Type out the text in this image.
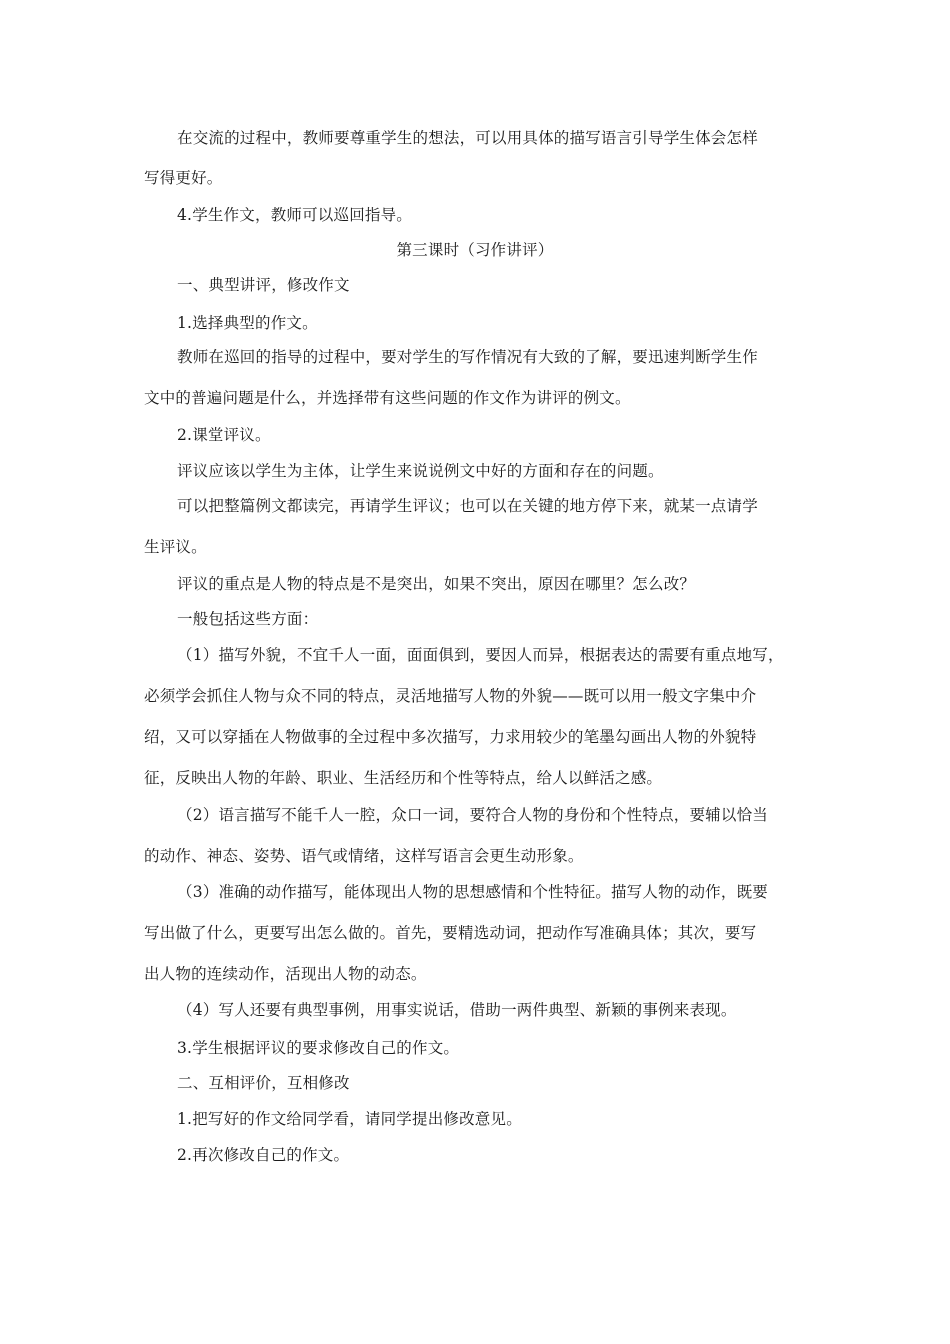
在交流的过程中，教师要尊重学生的想法，可以用具体的描写语言引导学生体会怎样
写得更好。
4.学生作文，教师可以巡回指导。
第三课时（习作讲评）
一、典型讲评，修改作文
1.选择典型的作文。
教师在巡回的指导的过程中，要对学生的写作情况有大致的了解，要迅速判断学生作
文中的普遍问题是什么，并选择带有这些问题的作文作为讲评的例文。
2.课堂评议。
评议应该以学生为主体，让学生来说说例文中好的方面和存在的问题。
可以把整篇例文都读完，再请学生评议；也可以在关键的地方停下来，就某一点请学
生评议。
评议的重点是人物的特点是不是突出，如果不突出，原因在哪里？怎么改？
一般包括这些方面：
（1）描写外貌，不宜千人一面，面面俱到，要因人而异，根据表达的需要有重点地写，
必须学会抓住人物与众不同的特点，灵活地描写人物的外貌——既可以用一般文字集中介
绍，又可以穿插在人物做事的全过程中多次描写，力求用较少的笔墨勾画出人物的外貌特
征，反映出人物的年龄、职业、生活经历和个性等特点，给人以鲜活之感。
（2）语言描写不能千人一腔，众口一词，要符合人物的身份和个性特点，要辅以恰当
的动作、神态、姿势、语气或情绪，这样写语言会更生动形象。
（3）准确的动作描写，能体现出人物的思想感情和个性特征。描写人物的动作，既要
写出做了什么，更要写出怎么做的。首先，要精选动词，把动作写准确具体；其次，要写
出人物的连续动作，活现出人物的动态。
（4）写人还要有典型事例，用事实说话，借助一两件典型、新颖的事例来表现。
3.学生根据评议的要求修改自己的作文。
二、互相评价，互相修改
1.把写好的作文给同学看，请同学提出修改意见。
2.再次修改自己的作文。
